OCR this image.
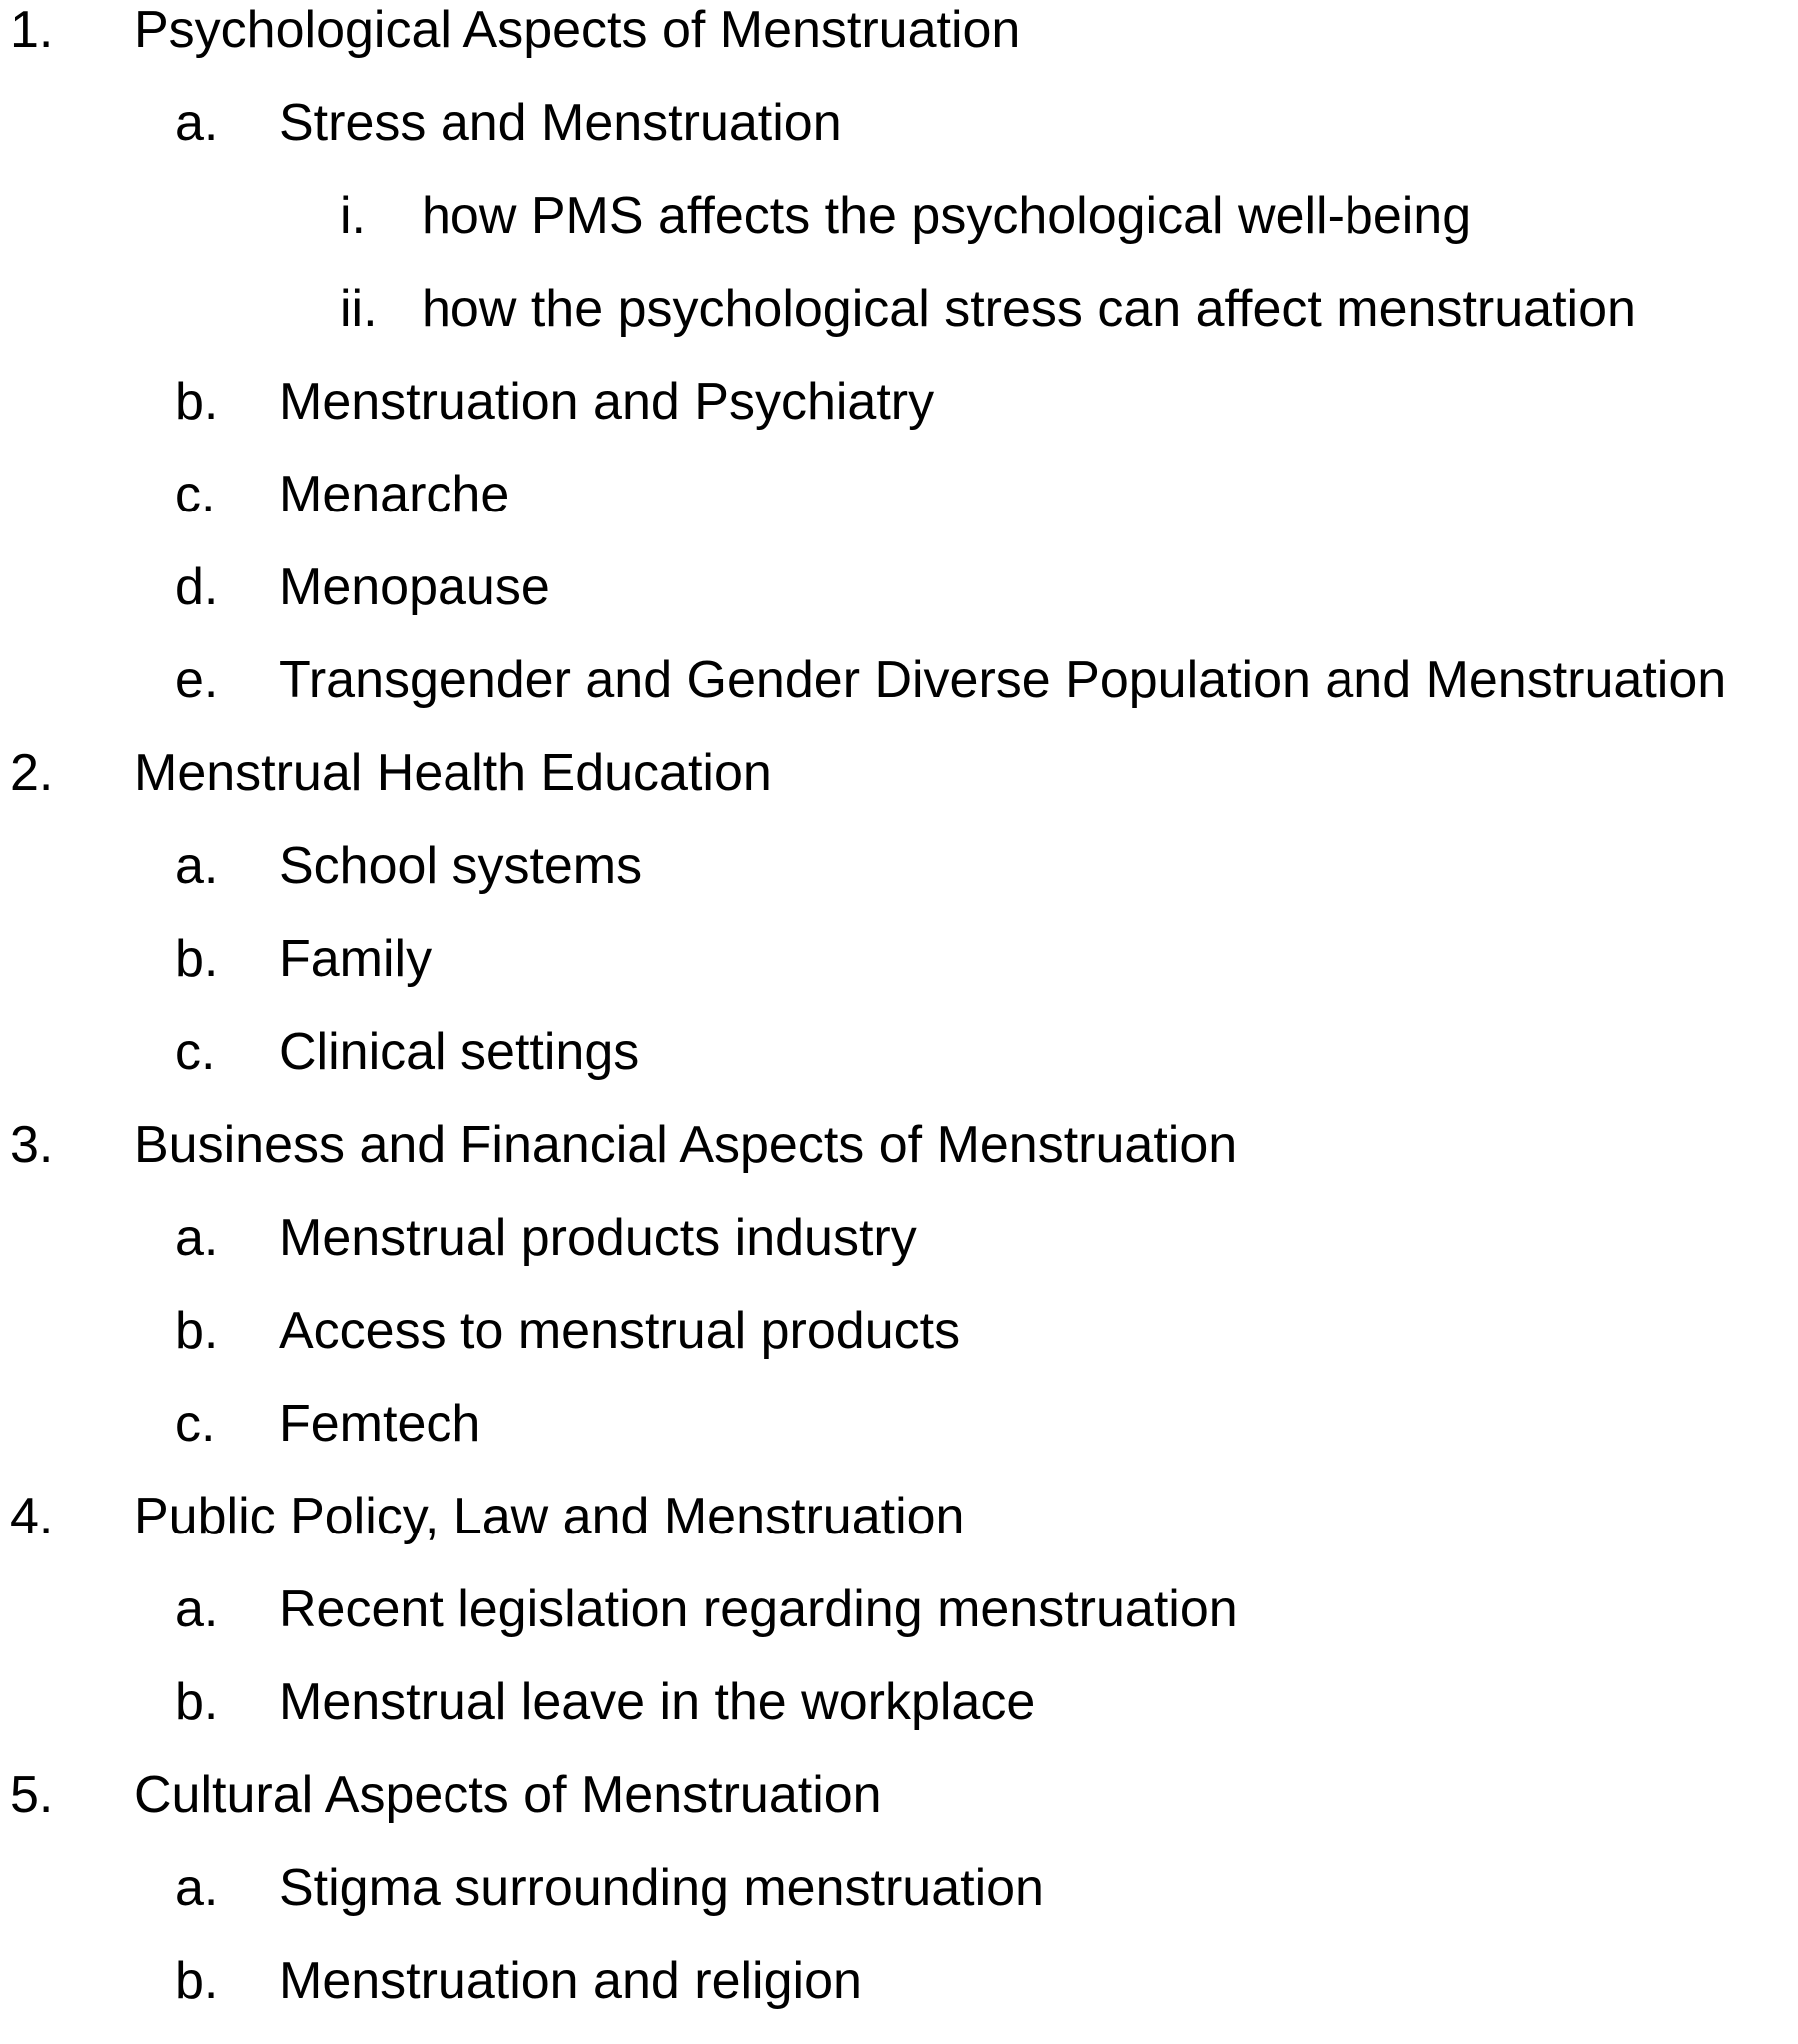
1. Psychological Aspects of Menstruation
a. Stress and Menstruation
i. how PMS affects the psychological well-being
ii. how the psychological stress can affect menstruation
b. Menstruation and Psychiatry
c. Menarche
d. Menopause
e. Transgender and Gender Diverse Population and Menstruation
2. Menstrual Health Education
a. School systems
b. Family
c. Clinical settings
3. Business and Financial Aspects of Menstruation
a. Menstrual products industry
b. Access to menstrual products
c. Femtech
4. Public Policy, Law and Menstruation
a. Recent legislation regarding menstruation
b. Menstrual leave in the workplace
5. Cultural Aspects of Menstruation
a. Stigma surrounding menstruation
b. Menstruation and religion
